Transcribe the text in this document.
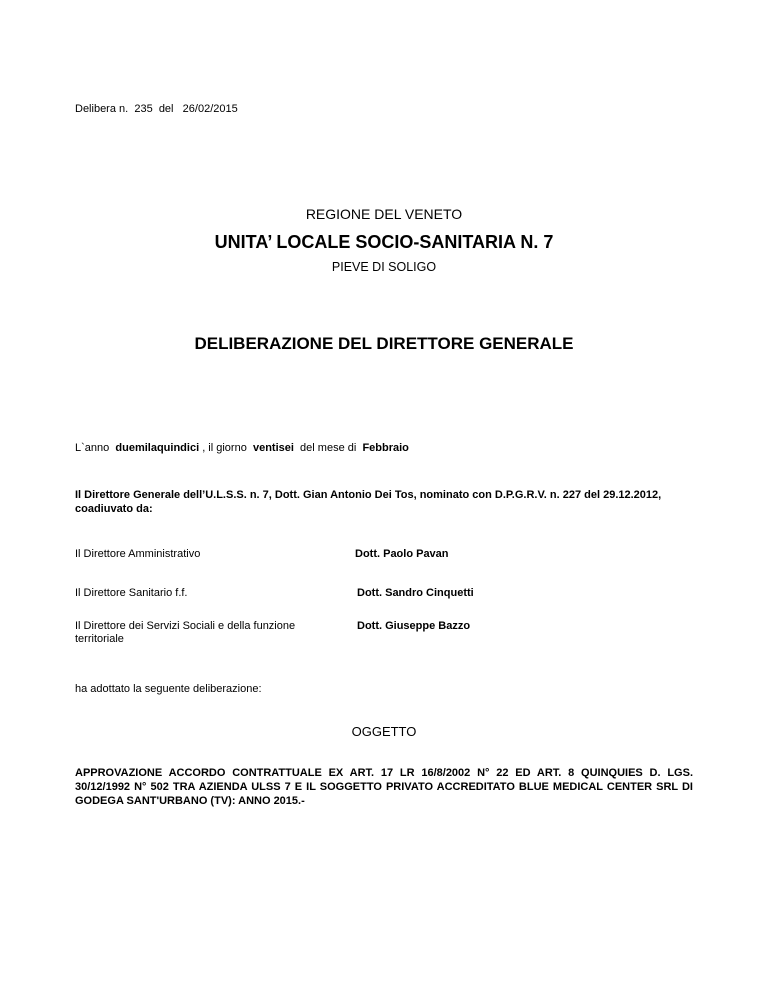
Delibera n. 235 del 26/02/2015
REGIONE DEL VENETO
UNITA’ LOCALE SOCIO-SANITARIA N. 7
PIEVE DI SOLIGO
DELIBERAZIONE DEL DIRETTORE GENERALE
L`anno duemilaquindici , il giorno ventisei del mese di Febbraio
Il Direttore Generale dell’U.L.S.S. n. 7, Dott. Gian Antonio Dei Tos, nominato con D.P.G.R.V. n. 227 del 29.12.2012, coadiuvato da:
Il Direttore Amministrativo	Dott. Paolo Pavan
Il Direttore Sanitario f.f.	Dott. Sandro Cinquetti
Il Direttore dei Servizi Sociali e della funzione territoriale
Dott. Giuseppe Bazzo
ha adottato la seguente deliberazione:
OGGETTO
APPROVAZIONE ACCORDO CONTRATTUALE EX ART. 17 LR 16/8/2002 N° 22 ED ART. 8 QUINQUIES D. LGS. 30/12/1992 N° 502 TRA AZIENDA ULSS 7 E IL SOGGETTO PRIVATO ACCREDITATO BLUE MEDICAL CENTER SRL DI GODEGA SANT'URBANO (TV): ANNO 2015.-
